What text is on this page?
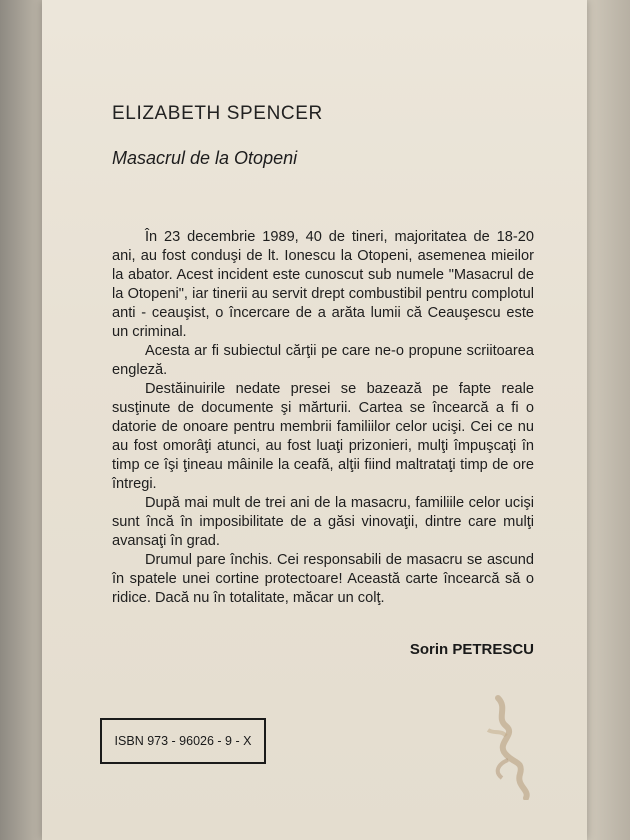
ELIZABETH SPENCER
Masacrul de la Otopeni

În 23 decembrie 1989, 40 de tineri, majoritatea de 18-20 ani, au fost conduşi de lt. Ionescu la Otopeni, asemenea mieilor la abator. Acest incident este cunoscut sub numele "Masacrul de la Otopeni", iar tinerii au servit drept combustibil pentru complotul anti - ceauşist, o încercare de a arăta lumii că Ceauşescu este un criminal.

Acesta ar fi subiectul cărţii pe care ne-o propune scriitoarea engleză.

Destăinuirile nedate presei se bazează pe fapte reale susţinute de documente şi mărturii. Cartea se încearcă a fi o datorie de onoare pentru membrii familiilor celor ucişi. Cei ce nu au fost omorâţi atunci, au fost luaţi prizonieri, mulţi împuşcaţi în timp ce îşi ţineau mâinile la ceafă, alţii fiind maltrataţi timp de ore întregi.

După mai mult de trei ani de la masacru, familiile celor ucişi sunt încă în imposibilitate de a găsi vinovaţii, dintre care mulţi avansaţi în grad.

Drumul pare închis. Cei responsabili de masacru se ascund în spatele unei cortine protectoare! Această carte încearcă să o ridice. Dacă nu în totalitate, măcar un colţ.

Sorin PETRESCU
ISBN 973 - 96026 - 9 - X
